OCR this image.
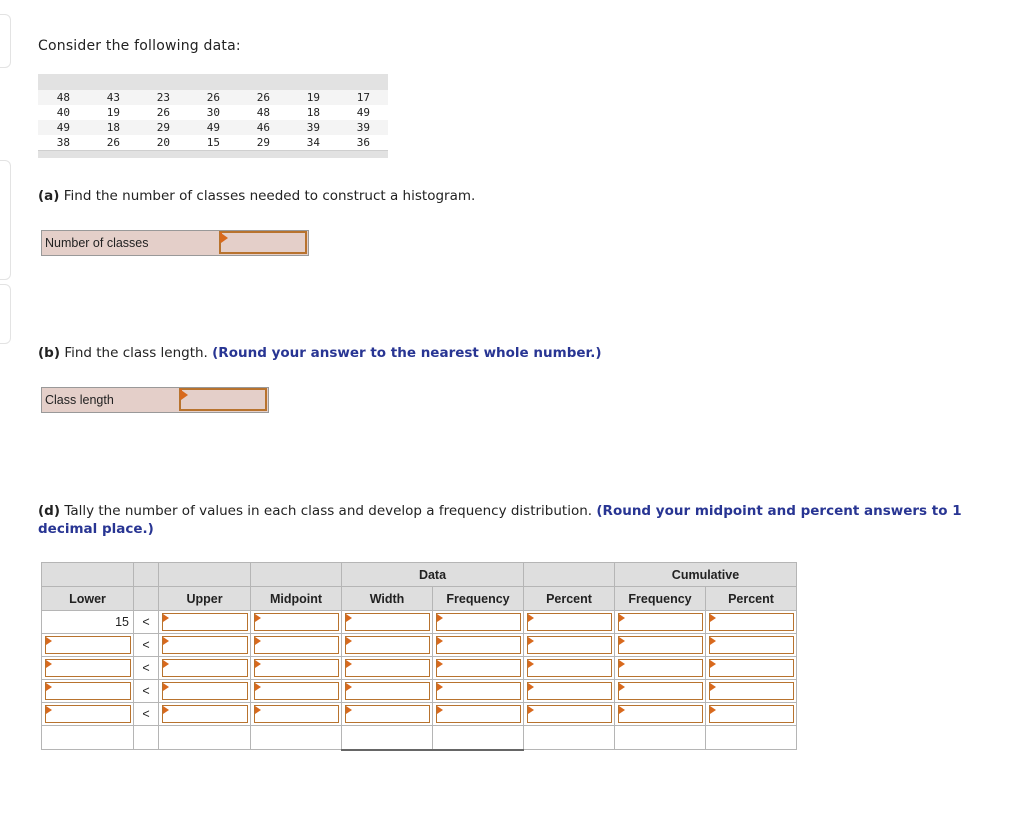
Consider the following data:
48	43	23	26	26	19	17	
40	19	26	30	48	18	49	
49	18	29	49	46	39	39	
38	26	20	15	29	34	36	
(a) Find the number of classes needed to construct a histogram.
Number of classes
(b) Find the class length. (Round your answer to the nearest whole number.)
Class length
(d) Tally the number of values in each class and develop a frequency distribution. (Round your midpoint and percent answers to 1 decimal place.)
				Data			Cumulative	
Lower		Upper	Midpoint	Width	Frequency	Percent	Frequency	Percent
15	<	

	<	

	<	

	<	

	<	
